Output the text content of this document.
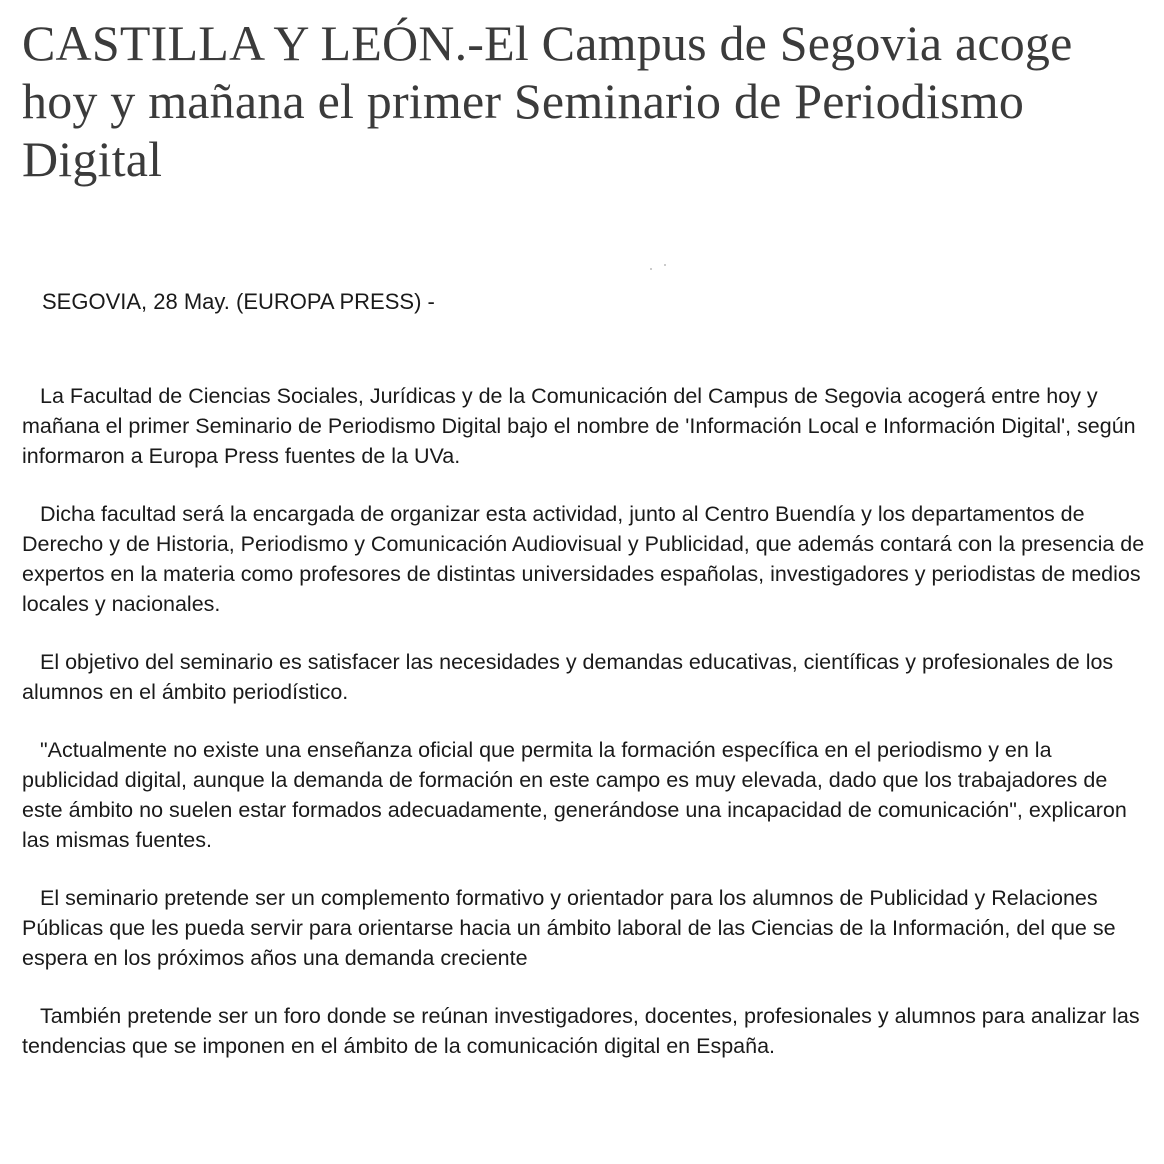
CASTILLA Y LEÓN.-El Campus de Segovia acoge hoy y mañana el primer Seminario de Periodismo Digital

SEGOVIA, 28 May. (EUROPA PRESS) -

La Facultad de Ciencias Sociales, Jurídicas y de la Comunicación del Campus de Segovia acogerá entre hoy y mañana el primer Seminario de Periodismo Digital bajo el nombre de 'Información Local e Información Digital', según informaron a Europa Press fuentes de la UVa.

Dicha facultad será la encargada de organizar esta actividad, junto al Centro Buendía y los departamentos de Derecho y de Historia, Periodismo y Comunicación Audiovisual y Publicidad, que además contará con la presencia de expertos en la materia como profesores de distintas universidades españolas, investigadores y periodistas de medios locales y nacionales.

El objetivo del seminario es satisfacer las necesidades y demandas educativas, científicas y profesionales de los alumnos en el ámbito periodístico.

"Actualmente no existe una enseñanza oficial que permita la formación específica en el periodismo y en la publicidad digital, aunque la demanda de formación en este campo es muy elevada, dado que los trabajadores de este ámbito no suelen estar formados adecuadamente, generándose una incapacidad de comunicación", explicaron las mismas fuentes.

El seminario pretende ser un complemento formativo y orientador para los alumnos de Publicidad y Relaciones Públicas que les pueda servir para orientarse hacia un ámbito laboral de las Ciencias de la Información, del que se espera en los próximos años una demanda creciente

También pretende ser un foro donde se reúnan investigadores, docentes, profesionales y alumnos para analizar las tendencias que se imponen en el ámbito de la comunicación digital en España.
